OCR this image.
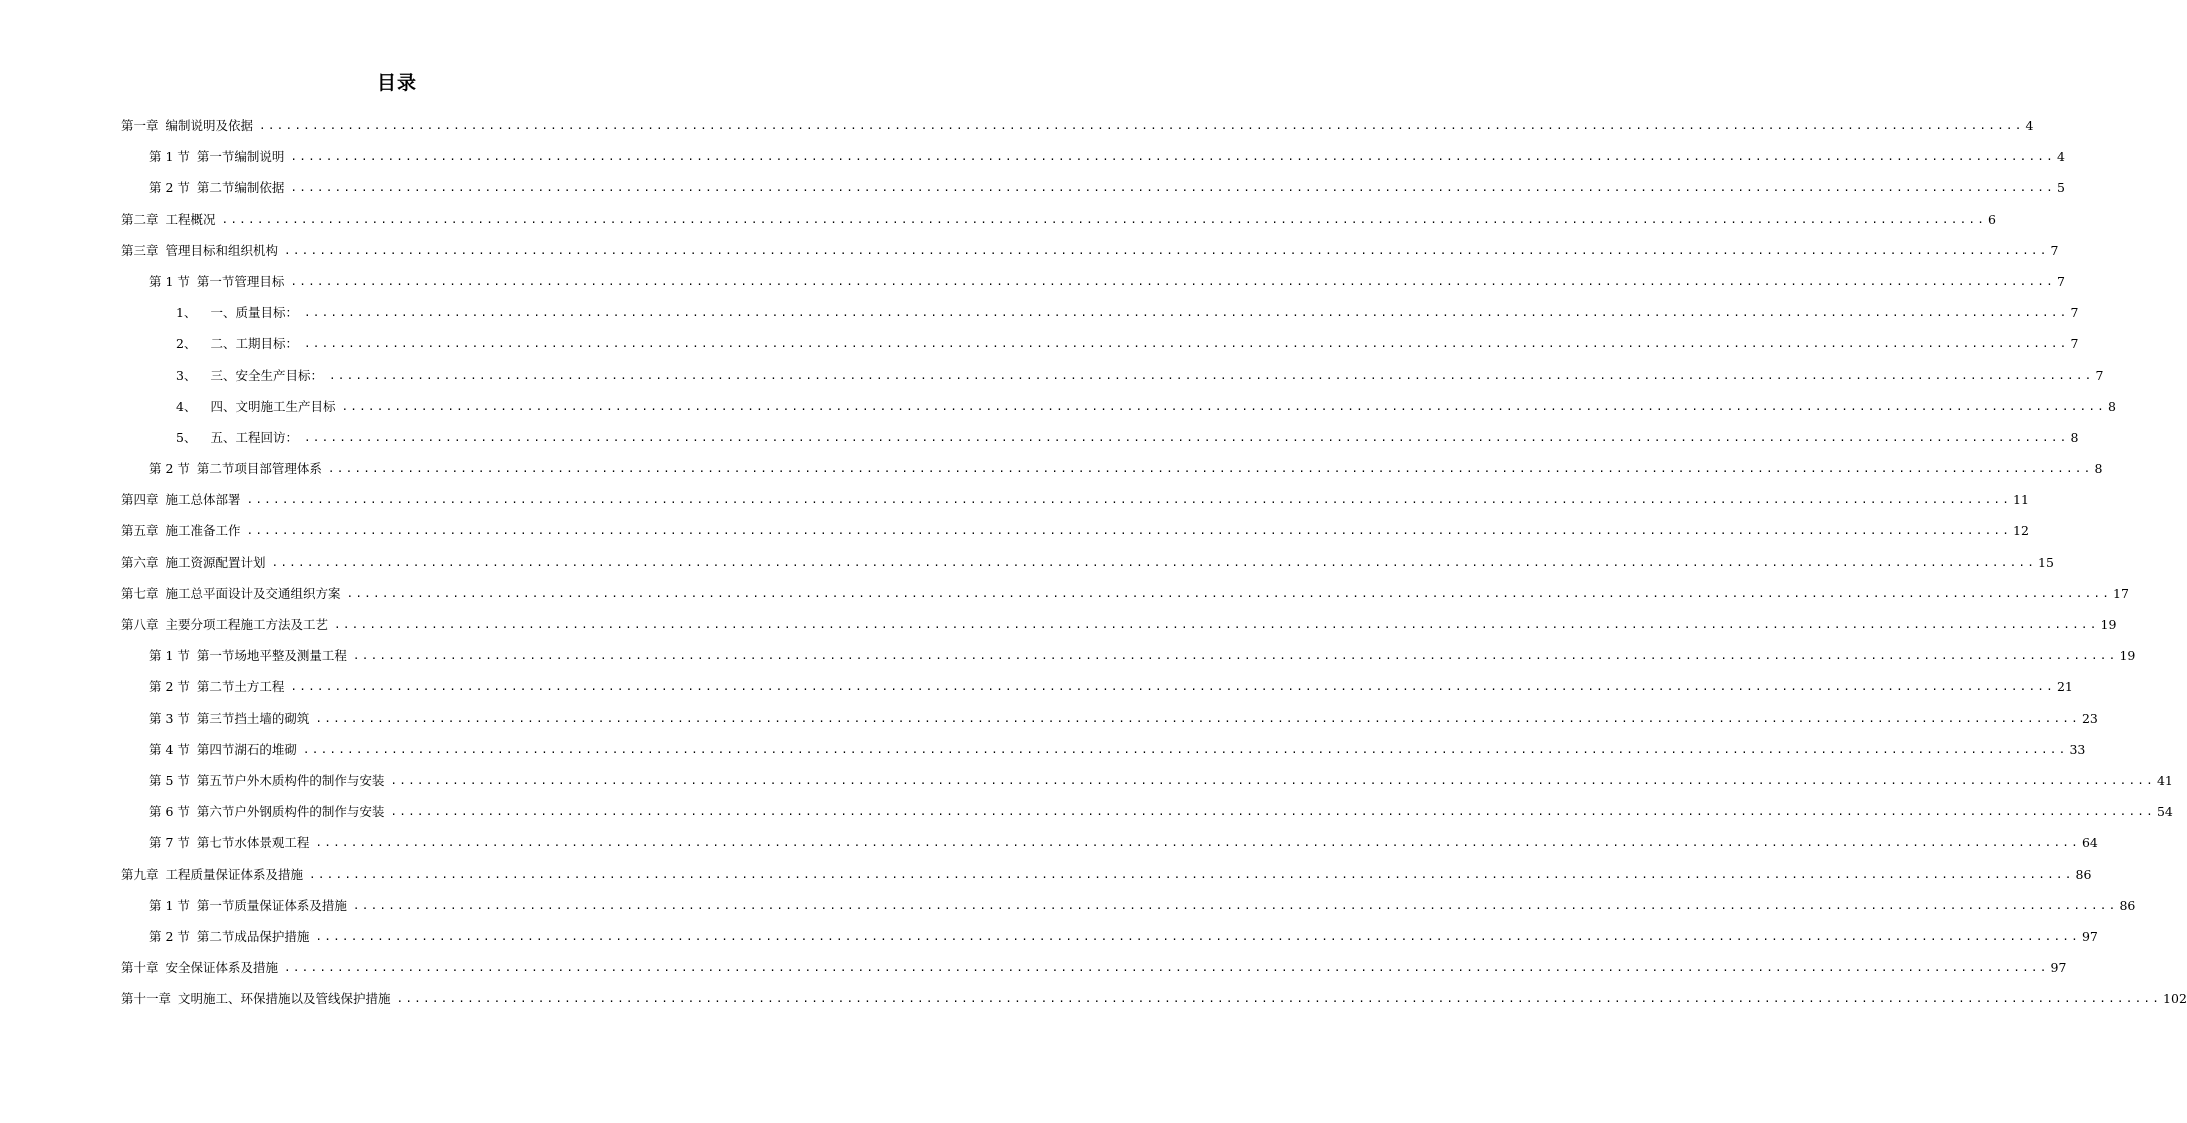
目录
第一章 编制说明及依据 ........................................................................................................................................................................................................ 4
第 1 节 第一节编制说明 ........................................................................................................................................................................................................ 4
第 2 节 第二节编制依据 ........................................................................................................................................................................................................ 5
第二章 工程概况 ........................................................................................................................................................................................................ 6
第三章 管理目标和组织机构 ........................................................................................................................................................................................................ 7
第 1 节 第一节管理目标 ........................................................................................................................................................................................................ 7
1、 一、质量目标： ........................................................................................................................................................................................................ 7
2、 二、工期目标： ........................................................................................................................................................................................................ 7
3、 三、安全生产目标： ........................................................................................................................................................................................................ 7
4、 四、文明施工生产目标 ........................................................................................................................................................................................................ 8
5、 五、工程回访： ........................................................................................................................................................................................................ 8
第 2 节 第二节项目部管理体系 ........................................................................................................................................................................................................ 8
第四章 施工总体部署 ........................................................................................................................................................................................................ 11
第五章 施工准备工作 ........................................................................................................................................................................................................ 12
第六章 施工资源配置计划 ........................................................................................................................................................................................................ 15
第七章 施工总平面设计及交通组织方案 ........................................................................................................................................................................................................ 17
第八章 主要分项工程施工方法及工艺 ........................................................................................................................................................................................................ 19
第 1 节 第一节场地平整及测量工程 ........................................................................................................................................................................................................ 19
第 2 节 第二节土方工程 ........................................................................................................................................................................................................ 21
第 3 节 第三节挡土墙的砌筑 ........................................................................................................................................................................................................ 23
第 4 节 第四节湖石的堆砌 ........................................................................................................................................................................................................ 33
第 5 节 第五节户外木质构件的制作与安装 ........................................................................................................................................................................................................ 41
第 6 节 第六节户外钢质构件的制作与安装 ........................................................................................................................................................................................................ 54
第 7 节 第七节水体景观工程 ........................................................................................................................................................................................................ 64
第九章 工程质量保证体系及措施 ........................................................................................................................................................................................................ 86
第 1 节 第一节质量保证体系及措施 ........................................................................................................................................................................................................ 86
第 2 节 第二节成品保护措施 ........................................................................................................................................................................................................ 97
第十章 安全保证体系及措施 ........................................................................................................................................................................................................ 97
第十一章 文明施工、环保措施以及管线保护措施 ........................................................................................................................................................................................................ 102
